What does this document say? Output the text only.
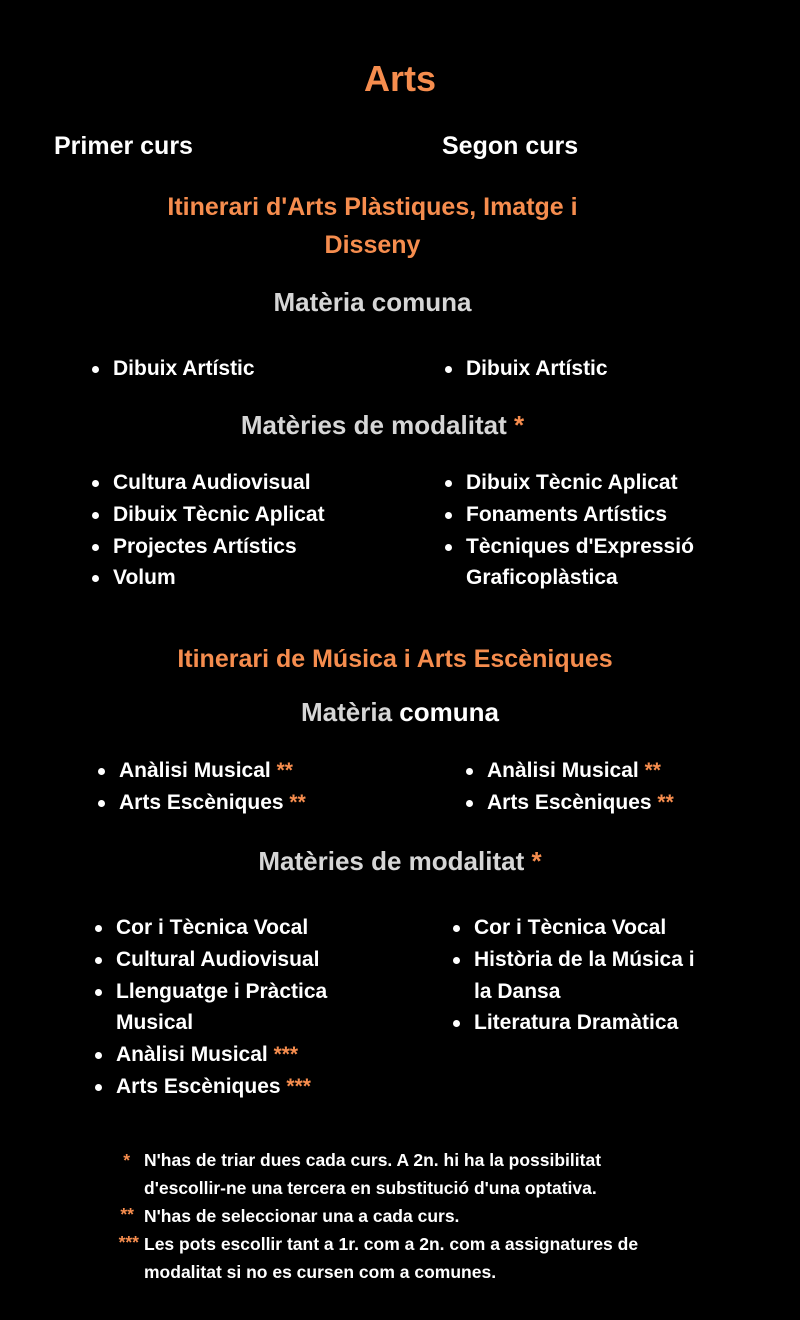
Arts
Primer curs	Segon curs
Itinerari d'Arts Plàstiques, Imatge i
Disseny
Matèria comuna
Dibuix Artístic	Dibuix Artístic
Matèries de modalitat *
Cultura Audiovisual
Dibuix Tècnic Aplicat
Projectes Artístics
Volum
Dibuix Tècnic Aplicat
Fonaments Artístics
Tècniques d'Expressió
Graficoplàstica
Itinerari de Música i Arts Escèniques
Matèria comuna
Anàlisi Musical **
Arts Escèniques **
Anàlisi Musical **
Arts Escèniques **
Matèries de modalitat *
Cor i Tècnica Vocal
Cultural Audiovisual
Llenguatge i Pràctica
Musical
Anàlisi Musical ***
Arts Escèniques ***
Cor i Tècnica Vocal
Història de la Música i
la Dansa
Literatura Dramàtica
* N'has de triar dues cada curs. A 2n. hi ha la possibilitat
d'escollir-ne una tercera en substitució d'una optativa.
** N'has de seleccionar una a cada curs.
*** Les pots escollir tant a 1r. com a 2n. com a assignatures de
modalitat si no es cursen com a comunes.
